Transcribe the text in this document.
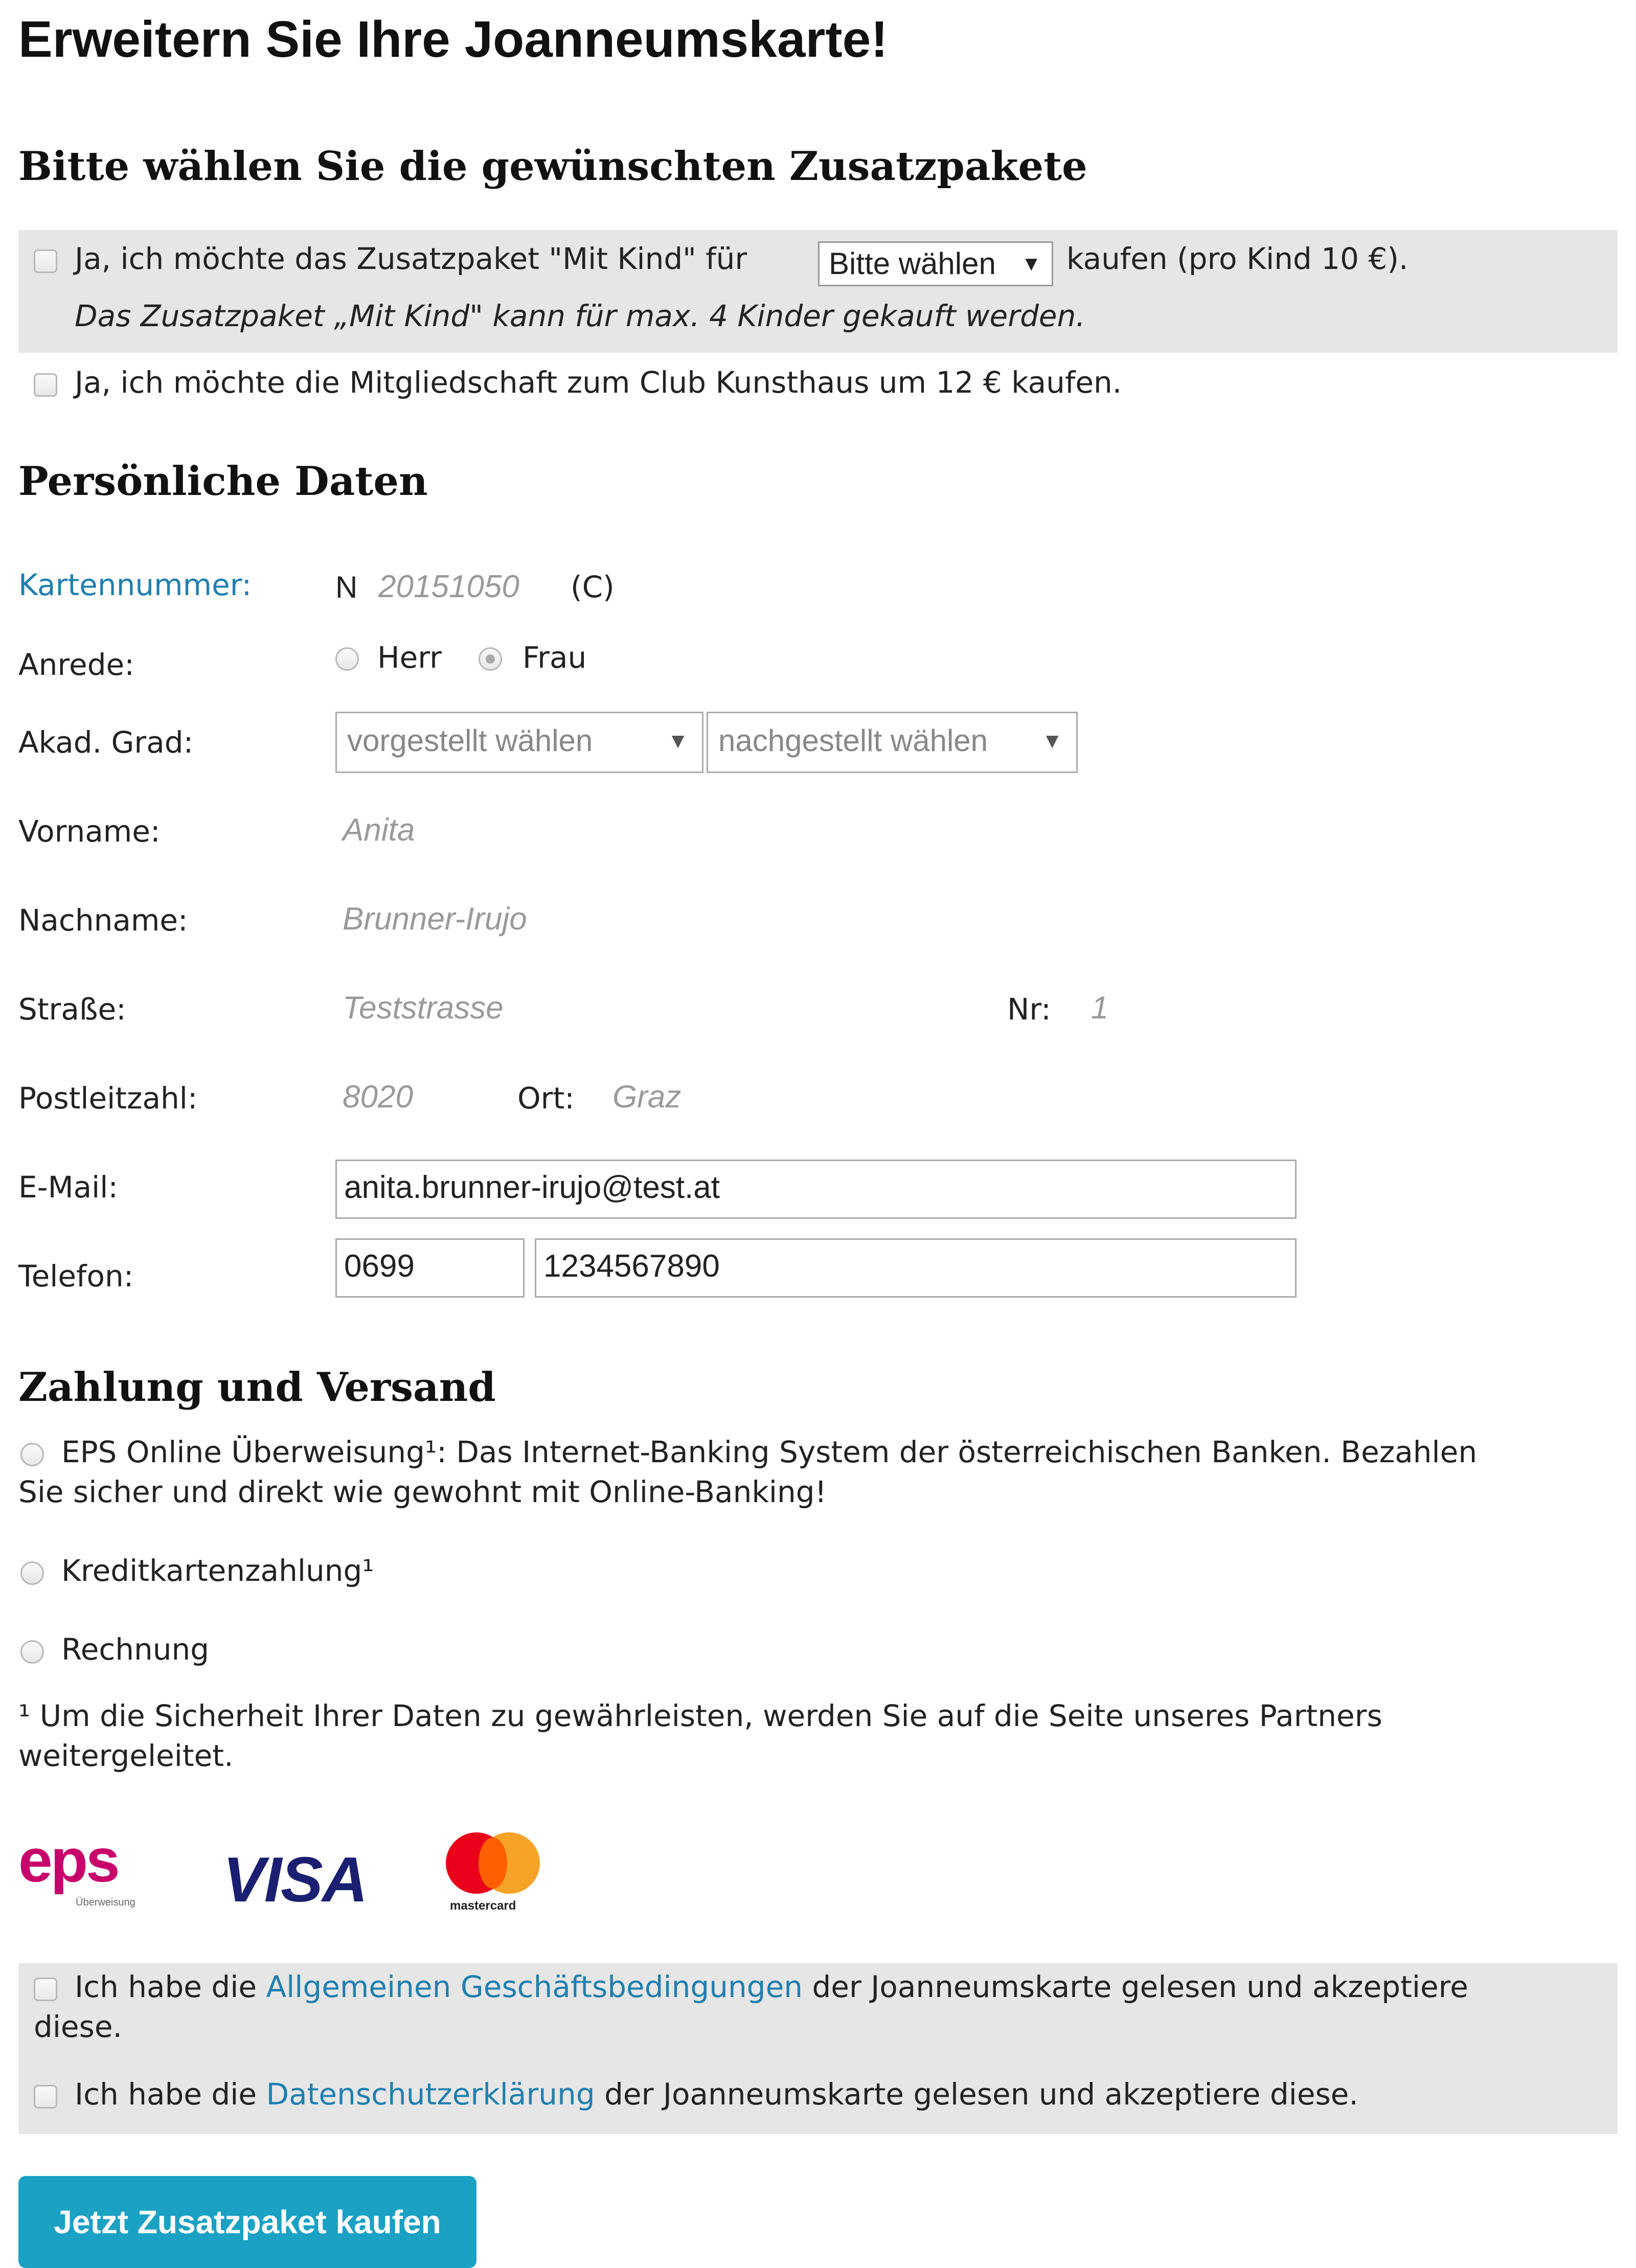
Erweitern Sie Ihre Joanneumskarte!
Bitte wählen Sie die gewünschten Zusatzpakete
Ja, ich möchte das Zusatzpaket "Mit Kind" für	Bitte wählen ▼ kaufen (pro Kind 10 €).
Das Zusatzpaket „Mit Kind" kann für max. 4 Kinder gekauft werden.
Ja, ich möchte die Mitgliedschaft zum Club Kunsthaus um 12 € kaufen.
Persönliche Daten
Kartennummer:	N 20151050 (C)
Anrede:	Herr	Frau
Akad. Grad:	vorgestellt wählen	▼ nachgestellt wählen	▼
Vorname:	Anita
Nachname:	Brunner-Irujo
Straße:	Teststrasse	Nr: 1
Postleitzahl:	8020	Ort: Graz
E-Mail:	anita.brunner-irujo@test.at
Telefon:	0699	1234567890
Zahlung und Versand
EPS Online Überweisung¹: Das Internet-Banking System der österreichischen Banken. Bezahlen
Sie sicher und direkt wie gewohnt mit Online-Banking!
Kreditkartenzahlung¹
Rechnung
¹ Um die Sicherheit Ihrer Daten zu gewährleisten, werden Sie auf die Seite unseres Partners
weitergeleitet.
eps
Überweisung VISA	mastercard
Ich habe die Allgemeinen Geschäftsbedingungen der Joanneumskarte gelesen und akzeptiere
diese.
Ich habe die Datenschutzerklärung der Joanneumskarte gelesen und akzeptiere diese.
Jetzt Zusatzpaket kaufen
